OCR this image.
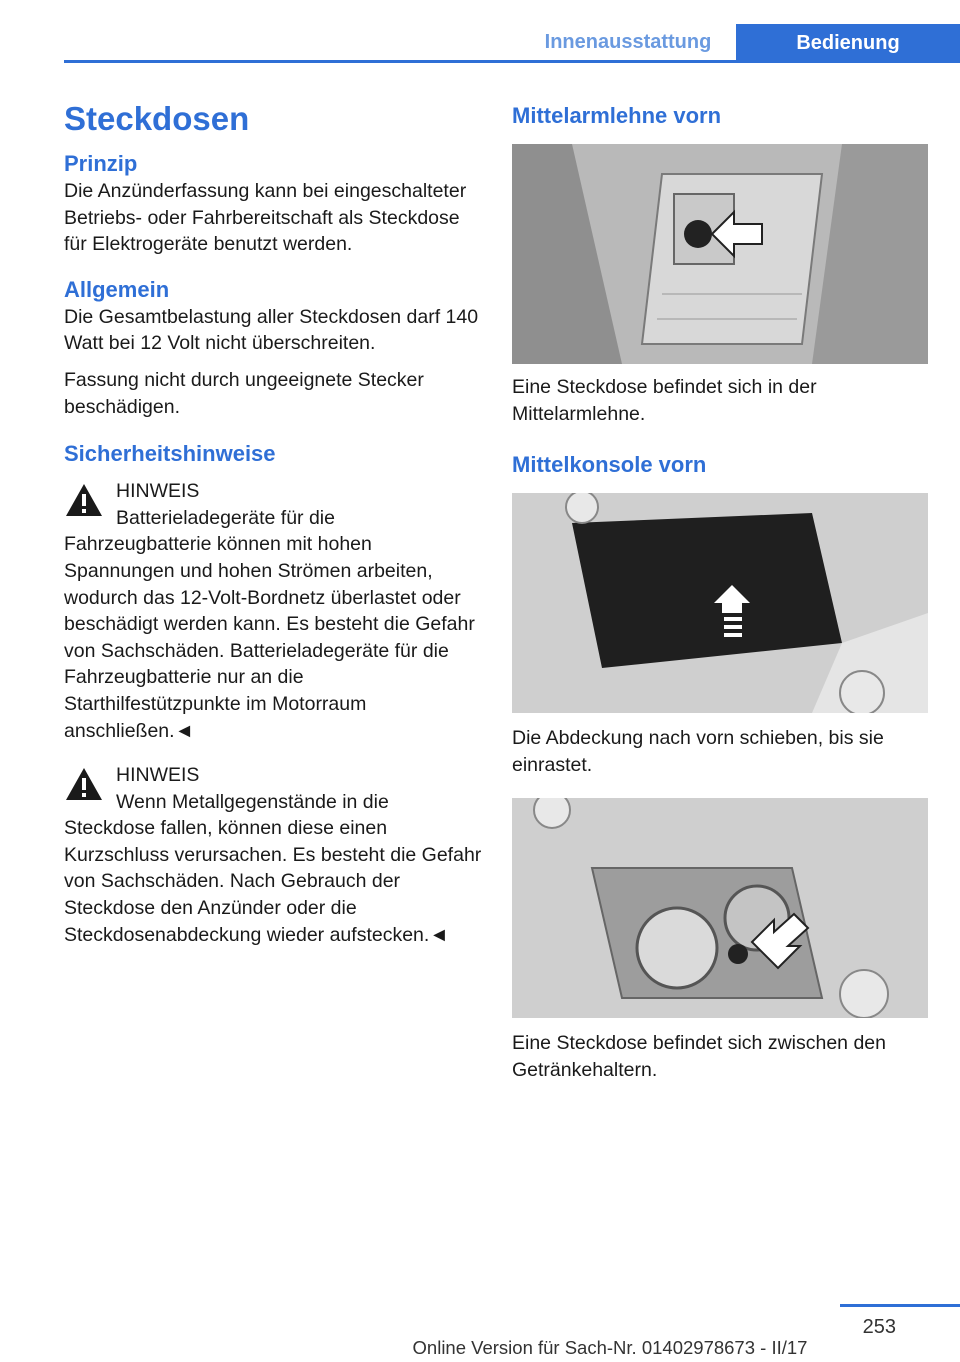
Innenausstattung	Bedienung
Steckdosen
Prinzip

Die Anzünderfassung kann bei eingeschalteter Betriebs- oder Fahrbereitschaft als Steckdose für Elektrogeräte benutzt werden.

Allgemein

Die Gesamtbelastung aller Steckdosen darf 140 Watt bei 12 Volt nicht überschreiten.

Fassung nicht durch ungeeignete Stecker beschädigen.

Sicherheitshinweise

HINWEIS

Batterieladegeräte für die Fahrzeugbatterie können mit hohen Spannungen und hohen Strömen arbeiten, wodurch das 12-Volt-Bordnetz überlastet oder beschädigt werden kann. Es besteht die Gefahr von Sachschäden. Batterieladegeräte für die Fahrzeugbatterie nur an die Starthilfestützpunkte im Motorraum anschließen.◄

HINWEIS

Wenn Metallgegenstände in die Steckdose fallen, können diese einen Kurzschluss verursachen. Es besteht die Gefahr von Sachschäden. Nach Gebrauch der Steckdose den Anzünder oder die Steckdosenabdeckung wieder aufstecken.◄

Mittelarmlehne vorn

Eine Steckdose befindet sich in der Mittelarmlehne.

Mittelkonsole vorn

Die Abdeckung nach vorn schieben, bis sie einrastet.

Eine Steckdose befindet sich zwischen den Getränkehaltern.

253
Online Version für Sach-Nr. 01402978673 - II/17
